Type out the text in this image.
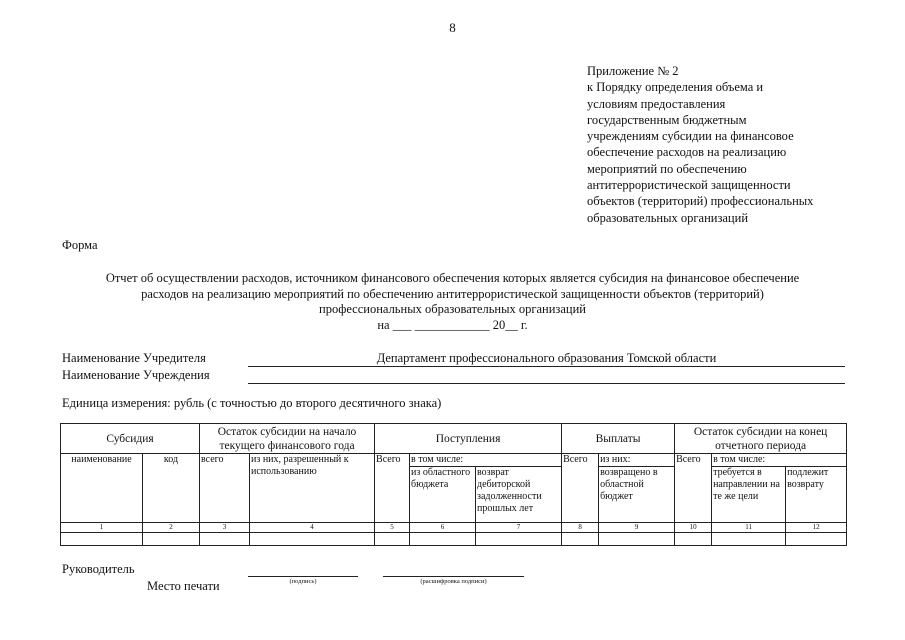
8
Приложение № 2
к Порядку определения объема и
условиям предоставления
государственным бюджетным
учреждениям субсидии на финансовое
обеспечение расходов на реализацию
мероприятий по обеспечению
антитеррористической защищенности
объектов (территорий) профессиональных
образовательных организаций
Форма
Отчет об осуществлении расходов, источником финансового обеспечения которых является субсидия на финансовое обеспечение
расходов на реализацию мероприятий по обеспечению антитеррористической защищенности объектов (территорий)
профессиональных образовательных организаций
на ___ ____________ 20__ г.
Наименование Учредителя	Департамент профессионального образования Томской области
Наименование Учреждения
Единица измерения: рубль (с точностью до второго десятичного знака)
Субсидия		Остаток субсидии на начало текущего финансового года		Поступления			Выплаты		Остаток субсидии на конец отчетного периода		
наименование	код	всего	из них, разрешенный к использованию	Всего	в том числе:		Всего	из них:	Всего	в том числе:	
					из областного бюджета	возврат дебиторской задолженности прошлых лет		возвращено в областной бюджет		требуется в направлении на те же цели	подлежит возврату
1	2	3	4	5	6	7	8	9	10	11	12

Руководитель
Место печати	(подпись)	(расшифровка подписи)
